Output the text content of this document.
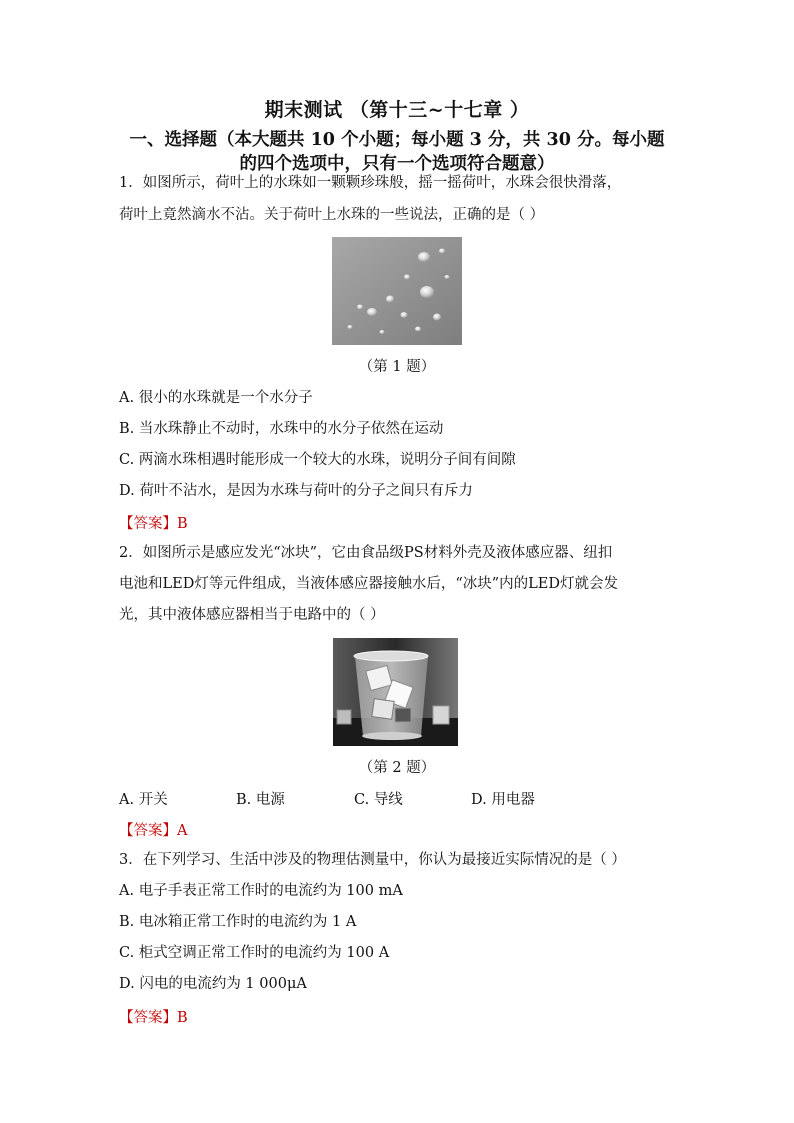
期末测试 （第十三~十七章 ）
一、选择题（本大题共 10 个小题；每小题 3 分，共 30 分。每小题
的四个选项中，只有一个选项符合题意）
1．如图所示，荷叶上的水珠如一颗颗珍珠般，摇一摇荷叶，水珠会很快滑落，
荷叶上竟然滴水不沾。关于荷叶上水珠的一些说法，正确的是（ ）
（第 1 题）
A. 很小的水珠就是一个水分子
B. 当水珠静止不动时，水珠中的水分子依然在运动
C. 两滴水珠相遇时能形成一个较大的水珠，说明分子间有间隙
D. 荷叶不沾水，是因为水珠与荷叶的分子之间只有斥力
【答案】B
2．如图所示是感应发光“冰块”，它由食品级PS材料外壳及液体感应器、纽扣
电池和LED灯等元件组成，当液体感应器接触水后，“冰块”内的LED灯就会发
光，其中液体感应器相当于电路中的（ ）
（第 2 题）
A. 开关	B. 电源	C. 导线	D. 用电器
【答案】A
3．在下列学习、生活中涉及的物理估测量中，你认为最接近实际情况的是（ ）
A. 电子手表正常工作时的电流约为 100 mA
B. 电冰箱正常工作时的电流约为 1 A
C. 柜式空调正常工作时的电流约为 100 A
D. 闪电的电流约为 1 000μA
【答案】B
